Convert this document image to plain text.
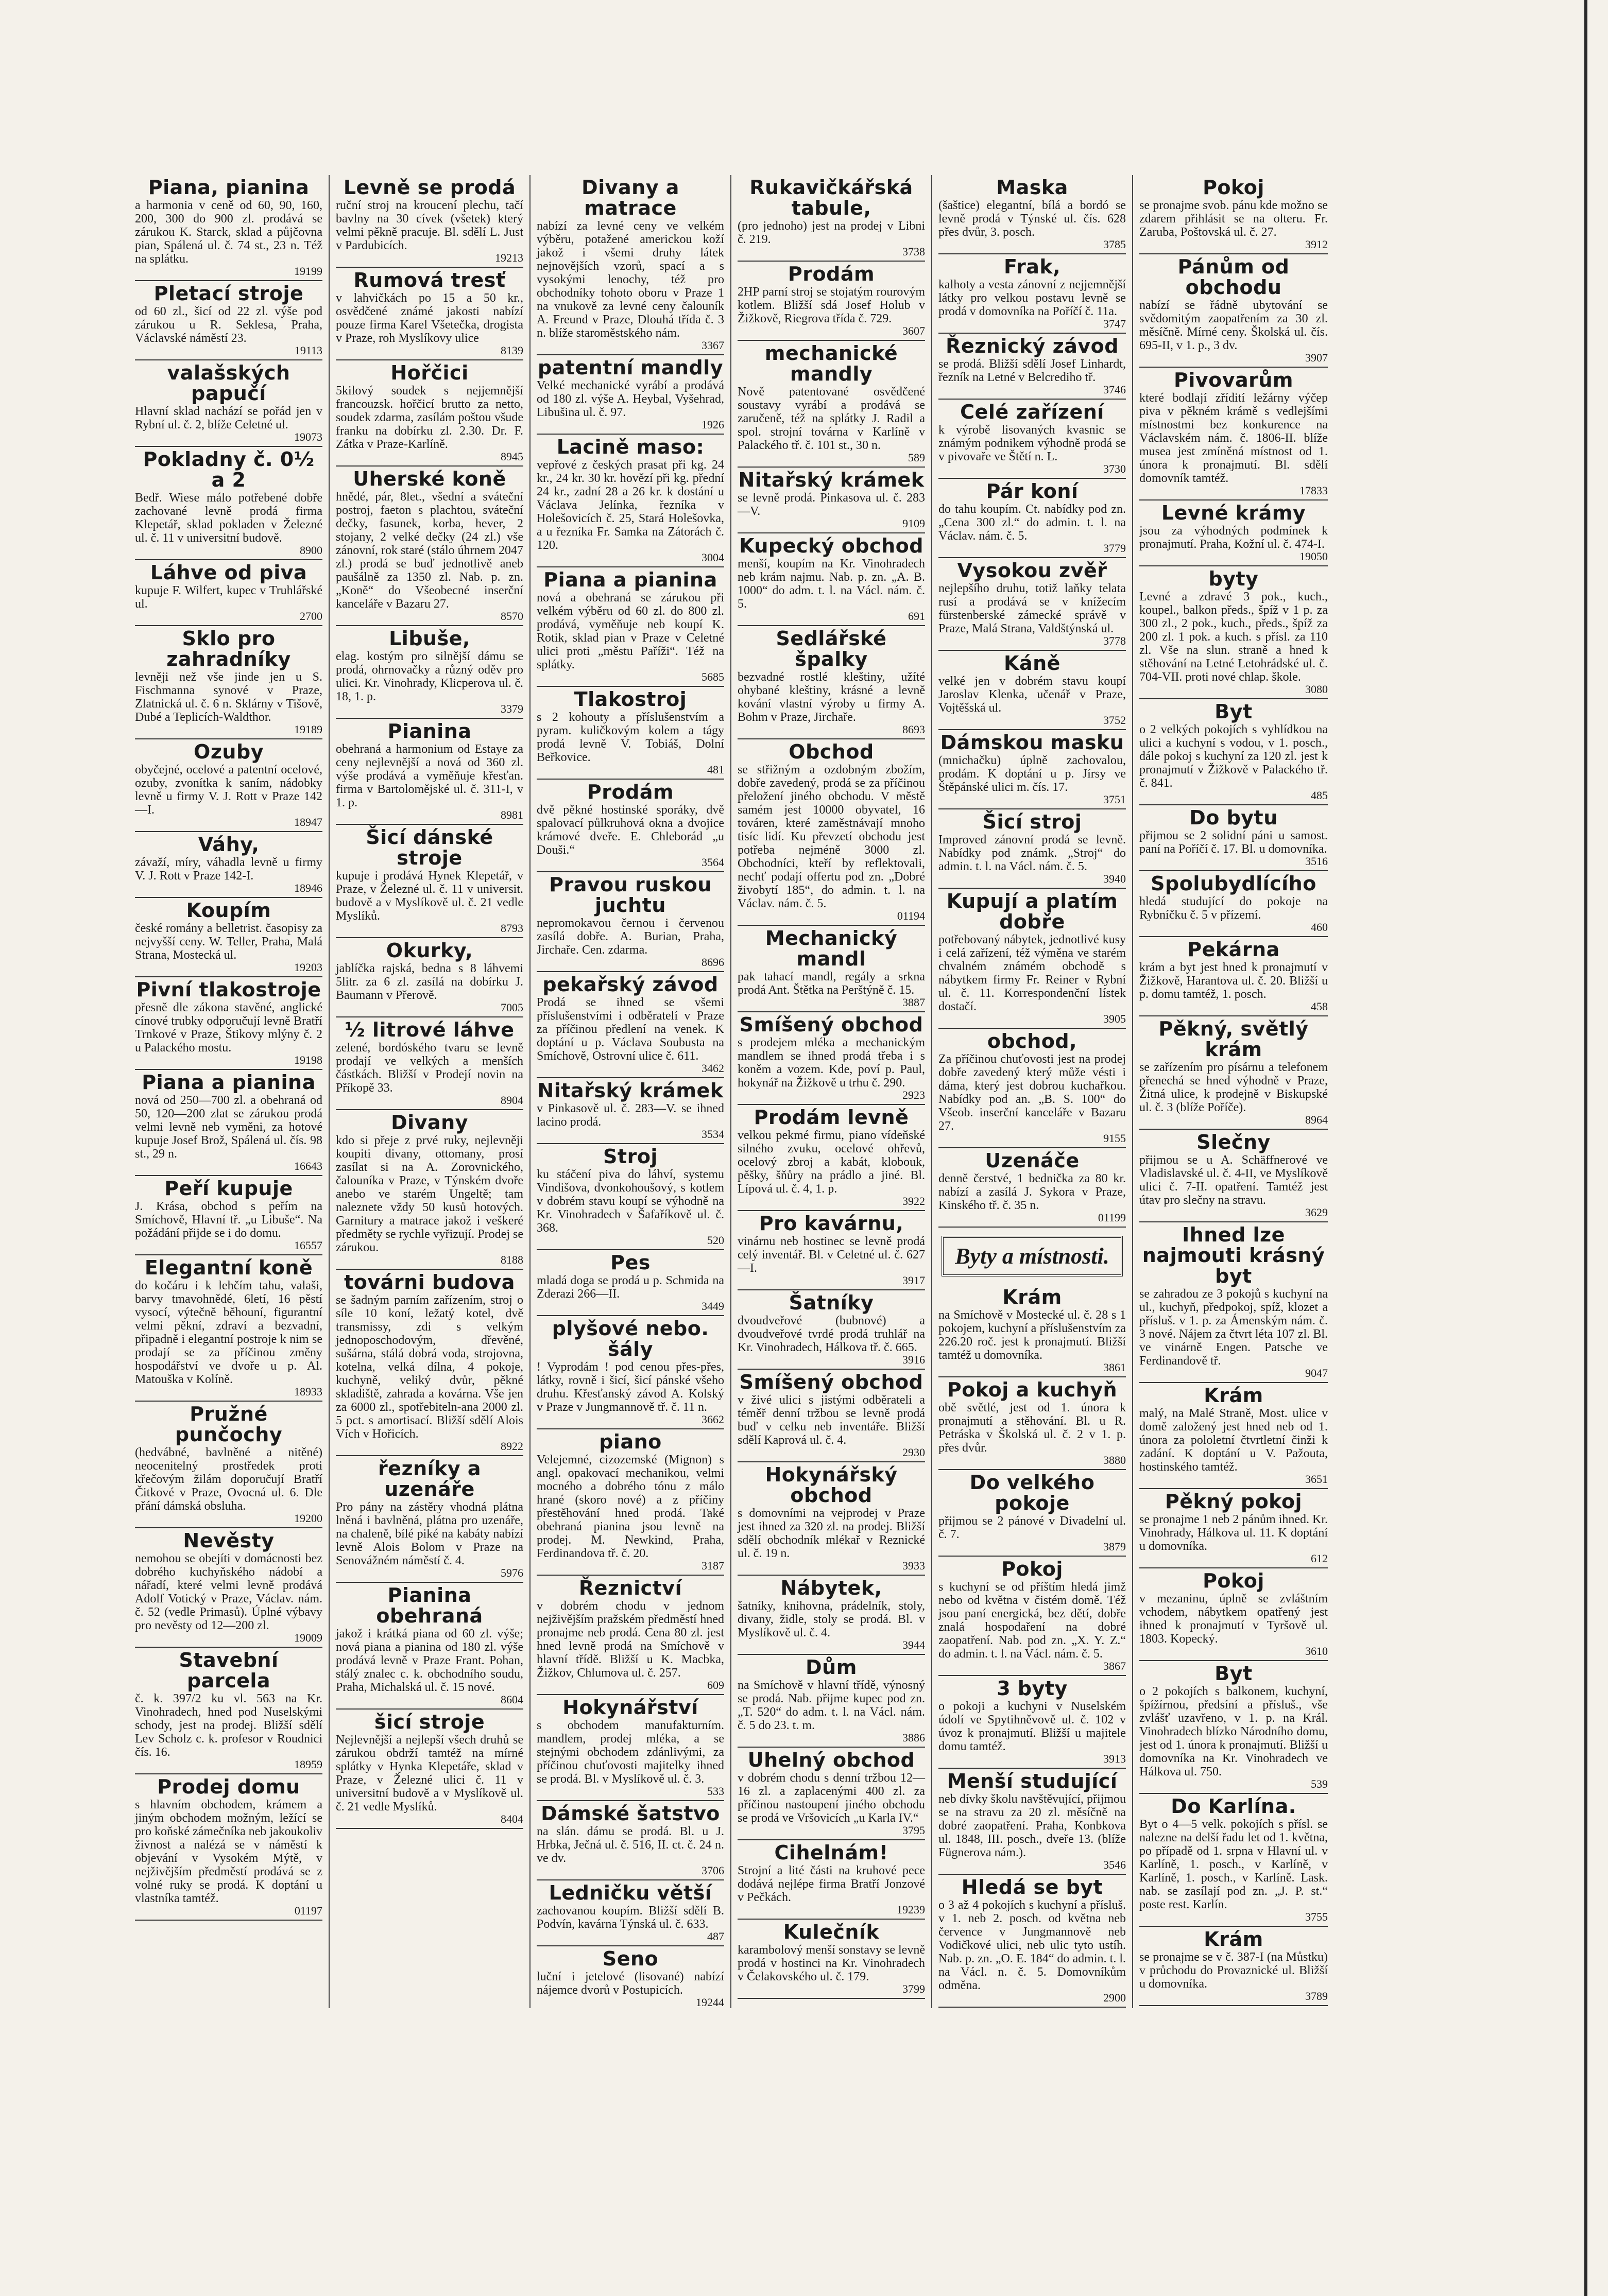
Piana, pianina

a harmonia v ceně od 60, 90, 160, 200, 300 do 900 zl. prodává se zárukou K. Starck, sklad a půjčovna pian, Spálená ul. č. 74 st., 23 n. Též na splátku.

19199
Pletací stroje

od 60 zl., šicí od 22 zl. výše pod zárukou u R. Seklesa, Praha, Václavské náměstí 23.

19113
valašských papučí

Hlavní sklad nachází se pořád jen v Rybní ul. č. 2, blíže Celetné ul.

19073
Pokladny č. 0½ a 2

Bedř. Wiese málo potřebené dobře zachované levně prodá firma Klepetář, sklad pokladen v Železné ul. č. 11 v universitní budově.

8900
Láhve od piva

kupuje F. Wilfert, kupec v Truhlářské ul.

2700
Sklo pro zahradníky

levněji než vše jinde jen u S. Fischmanna synové v Praze, Zlatnická ul. č. 6 n. Sklárny v Tišově, Dubé a Teplicích-Waldthor.

19189
Ozuby

obyčejné, ocelové a patentní ocelové, ozuby, zvonítka k saním, nádobky levně u firmy V. J. Rott v Praze 142—I.

18947
Váhy,

závaží, míry, váhadla levně u firmy V. J. Rott v Praze 142-I.

18946
Koupím

české romány a belletrist. časopisy za nejvyšší ceny. W. Teller, Praha, Malá Strana, Mostecká ul.

19203
Pivní tlakostroje

přesně dle zákona stavěné, anglické cínové trubky odporučují levně Bratří Trnkové v Praze, Štikovy mlýny č. 2 u Palackého mostu.

19198
Piana a pianina

nová od 250—700 zl. a obehraná od 50, 120—200 zlat se zárukou prodá velmi levně neb vyměni, za hotové kupuje Josef Brož, Spálená ul. čís. 98 st., 29 n.

16643
Peří kupuje

J. Krása, obchod s peřím na Smíchově, Hlavní tř. „u Libuše“. Na požádání přijde se i do domu.

16557
Elegantní koně

do kočáru i k lehčím tahu, valaši, barvy tmavohnědé, 6letí, 16 pěstí vysocí, výtečně běhouní, figurantní velmi pěkní, zdraví a bezvadní, připadně i elegantní postroje k nim se prodají se za příčinou změny hospodářství ve dvoře u p. Al. Matouška v Kolíně.

18933
Pružné punčochy

(hedvábné, bavlněné a nitěné) neocenitelný prostředek proti křečovým žilám doporučují Bratří Čitkové v Praze, Ovocná ul. 6. Dle přání dámská obsluha.

19200
Nevěsty

nemohou se obejíti v domácnosti bez dobrého kuchyňského nádobí a nářadí, které velmi levně prodává Adolf Votický v Praze, Václav. nám. č. 52 (vedle Primasů). Úplné výbavy pro nevěsty od 12—200 zl.

19009
Stavební parcela

č. k. 397/2 ku vl. 563 na Kr. Vinohradech, hned pod Nuselskými schody, jest na prodej. Bližší sdělí Lev Scholz c. k. profesor v Roudnici čís. 16.

18959
Prodej domu

s hlavním obchodem, krámem a jiným obchodem možným, ležící se pro koňské zámečníka neb jakoukoliv živnost a nalézá se v náměstí k objevání v Vysokém Mýtě, v nejživějším předměstí prodává se z volné ruky se prodá. K doptání u vlastníka tamtéž.

01197
Levně se prodá

ruční stroj na kroucení plechu, tačí bavlny na 30 cívek (všetek) který velmi pěkně pracuje. Bl. sdělí L. Just v Pardubicích.

19213
Rumová tresť

v lahvičkách po 15 a 50 kr., osvědčené známé jakosti nabízí pouze firma Karel Všetečka, drogista v Praze, roh Myslíkovy ulice

8139
Hořčici

5kilový soudek s nejjemnější francouzsk. hořčicí brutto za netto, soudek zdarma, zasílám poštou všude franku na dobírku zl. 2.30. Dr. F. Zátka v Praze-Karlíně.

8945
Uherské koně

hnědé, pár, 8let., všední a sváteční postroj, faeton s plachtou, sváteční dečky, fasunek, korba, hever, 2 stojany, 2 velké dečky (24 zl.) vše zánovní, rok staré (stálo úhrnem 2047 zl.) prodá se buď jednotlivě aneb paušálně za 1350 zl. Nab. p. zn. „Koně“ do Všeobecné inserční kanceláře v Bazaru 27.

8570
Libuše,

elag. kostým pro silnější dámu se prodá, ohrnovačky a různý oděv pro ulici. Kr. Vinohrady, Klicperova ul. č. 18, 1. p.

3379
Pianina

obehraná a harmonium od Estaye za ceny nejlevnější a nová od 360 zl. výše prodává a vyměňuje křesťan. firma v Bartolomějské ul. č. 311-I, v 1. p.

8981
Šicí dánské stroje

kupuje i prodává Hynek Klepetář, v Praze, v Železné ul. č. 11 v universit. budově a v Myslíkově ul. č. 21 vedle Myslíků.

8793
Okurky,

jablíčka rajská, bedna s 8 láhvemi 5litr. za 6 zl. zasílá na dobírku J. Baumann v Přerově.

7005
½ litrové láhve

zelené, bordóského tvaru se levně prodají ve velkých a menších částkách. Bližší v Prodejí novin na Příkopě 33.

8904
Divany

kdo si přeje z prvé ruky, nejlevněji koupiti divany, ottomany, prosí zasílat si na A. Zorovnického, čalouníka v Praze, v Týnském dvoře anebo ve starém Ungeltě; tam naleznete vždy 50 kusů hotových. Garnitury a matrace jakož i veškeré předměty se rychle vyřizují. Prodej se zárukou.

8188
továrni budova

se šadným parním zařízením, stroj o síle 10 koní, ležatý kotel, dvě transmissy, zdi s velkým jednoposchodovým, dřevěné, sušárna, stálá dobrá voda, strojovna, kotelna, velká dílna, 4 pokoje, kuchyně, veliký dvůr, pěkné skladiště, zahrada a kovárna. Vše jen za 6000 zl., spotřebiteln-ana 2000 zl. 5 pct. s amortisací. Bližší sdělí Alois Vích v Hořicích.

8922
řezníky a uzenáře

Pro pány na zástěry vhodná plátna lněná i bavlněná, plátna pro uzenáře, na chaleně, bílé piké na kabáty nabízí levně Alois Bolom v Praze na Senovážném náměstí č. 4.

5976
Pianina obehraná

jakož i krátká piana od 60 zl. výše; nová piana a pianina od 180 zl. výše prodává levně v Praze Frant. Pohan, stálý znalec c. k. obchodního soudu, Praha, Michalská ul. č. 15 nové.

8604
šicí stroje

Nejlevnější a nejlepší všech druhů se zárukou obdrží tamtéž na mírné splátky v Hynka Klepetáře, sklad v Praze, v Železné ulici č. 11 v universitní budově a v Myslíkově ul. č. 21 vedle Myslíků.

8404
Divany a matrace

nabízí za levné ceny ve velkém výběru, potažené americkou koží jakož i všemi druhy látek nejnovějších vzorů, spací a s vysokými lenochy, též pro obchodníky tohoto oboru v Praze 1 na vnukově za levné ceny čalouník A. Freund v Praze, Dlouhá třída č. 3 n. blíže staroměstského nám.

3367
patentní mandly

Velké mechanické vyrábí a prodává od 180 zl. výše A. Heybal, Vyšehrad, Libušina ul. č. 97.

1926
Lacině maso:

vepřové z českých prasat při kg. 24 kr., 24 kr. 30 kr. hovězí při kg. přední 24 kr., zadní 28 a 26 kr. k dostání u Václava Jelínka, řezníka v Holešovicích č. 25, Stará Holešovka, a u řezníka Fr. Samka na Zátorách č. 120.

3004
Piana a pianina

nová a obehraná se zárukou při velkém výběru od 60 zl. do 800 zl. prodává, vyměňuje neb koupí K. Rotik, sklad pian v Praze v Celetné ulici proti „městu Paříži“. Též na splátky.

5685
Tlakostroj

s 2 kohouty a příslušenstvím a pyram. kuličkovým kolem a tágy prodá levně V. Tobiáš, Dolní Beřkovice.

481
Prodám

dvě pěkné hostinské sporáky, dvě spalovací půlkruhová okna a dvojice krámové dveře. E. Chleborád „u Douši.“

3564
Pravou ruskou juchtu

nepromokavou černou i červenou zasílá dobře. A. Burian, Praha, Jirchaře. Cen. zdarma.

8696
pekařský závod

Prodá se ihned se všemi příslušenstvími i odběratelí v Praze za příčinou předlení na venek. K doptání u p. Václava Soubusta na Smíchově, Ostrovní ulice č. 611.

3462
Nitařský krámek

v Pinkasově ul. č. 283—V. se ihned lacino prodá.

3534
Stroj

ku stáčení piva do láhví, systemu Vindišova, dvonkohoušový, s kotlem v dobrém stavu koupí se výhodně na Kr. Vinohradech v Šafaříkově ul. č. 368.

520
Pes

mladá doga se prodá u p. Schmida na Zderazi 266—II.

3449
plyšové nebo. šály

! Vyprodám ! pod cenou přes-přes, látky, rovně i šicí, šicí pánské všeho druhu. Křesťanský závod A. Kolský v Praze v Jungmannově tř. č. 11 n.

3662
piano

Velejemné, cizozemské (Mignon) s angl. opakovací mechanikou, velmi mocného a dobrého tónu z málo hrané (skoro nové) a z příčiny přestěhování hned prodá. Také obehraná pianina jsou levně na prodej. M. Newkind, Praha, Ferdinandova tř. č. 20.

3187
Řeznictví

v dobrém chodu v jednom nejživějším pražském předměstí hned pronajme neb prodá. Cena 80 zl. jest hned levně prodá na Smíchově v hlavní třídě. Bližší u K. Macbka, Žižkov, Chlumova ul. č. 257.

609
Hokynářství

s obchodem manufakturním. mandlem, prodej mléka, a se stejnými obchodem zdánlivými, za příčinou chuťovosti majitelky ihned se prodá. Bl. v Myslíkově ul. č. 3.

533
Dámské šatstvo

na slán. dámu se prodá. Bl. u J. Hrbka, Ječná ul. č. 516, II. ct. č. 24 n. ve dv.

3706
Ledničku větší

zachovanou koupím. Bližší sdělí B. Podvín, kavárna Týnská ul. č. 633.

487
Seno

luční i jetelové (lisované) nabízí nájemce dvorů v Postupicích.

19244
Rukavičkářská tabule,

(pro jednoho) jest na prodej v Libni č. 219.

3738
Prodám

2HP parní stroj se stojatým rourovým kotlem. Bližší sdá Josef Holub v Žižkově, Riegrova třída č. 729.

3607
mechanické mandly

Nově patentované osvědčené soustavy vyrábí a prodává se zaručeně, též na splátky J. Radil a spol. strojní továrna v Karlíně v Palackého tř. č. 101 st., 30 n.

589
Nitařský krámek

se levně prodá. Pinkasova ul. č. 283—V.

9109
Kupecký obchod

menší, koupím na Kr. Vinohradech neb krám najmu. Nab. p. zn. „A. B. 1000“ do adm. t. l. na Václ. nám. č. 5.

691
Sedlářské špalky

bezvadné rostlé kleštiny, užíté ohybané kleštiny, krásné a levně kování vlastní výroby u firmy A. Bohm v Praze, Jirchaře.

8693
Obchod

se střižným a ozdobným zbožím, dobře zavedený, prodá se za příčinou přeložení jiného obchodu. V městě samém jest 10000 obyvatel, 16 továren, které zaměstnávají mnoho tisíc lidí. Ku převzetí obchodu jest potřeba nejméně 3000 zl. Obchodníci, kteří by reflektovali, nechť podají offertu pod zn. „Dobré živobytí 185“, do admin. t. l. na Václav. nám. č. 5.

01194
Mechanický mandl

pak tahací mandl, regály a srkna prodá Ant. Štětka na Perštýně č. 15.

3887
Smíšený obchod

s prodejem mléka a mechanickým mandlem se ihned prodá třeba i s koněm a vozem. Kde, poví p. Paul, hokynář na Žižkově u trhu č. 290.

2923
Prodám levně

velkou pekmé firmu, piano vídeňské silného zvuku, ocelové ohřevů, ocelový zbroj a kabát, klobouk, pěšky, šňůry na prádlo a jiné. Bl. Lípová ul. č. 4, 1. p.

3922
Pro kavárnu,

vinárnu neb hostinec se levně prodá celý inventář. Bl. v Celetné ul. č. 627—I.

3917
Šatníky

dvoudveřové (bubnové) a dvoudveřové tvrdé prodá truhlář na Kr. Vinohradech, Hálkova tř. č. 665.

3916
Smíšený obchod

v živé ulici s jistými odběrateli a téměř denní tržbou se levně prodá buď v celku neb inventáře. Bližší sdělí Kaprová ul. č. 4.

2930
Hokynářský obchod

s domovními na vejprodej v Praze jest ihned za 320 zl. na prodej. Bližší sdělí obchodník mlékař v Reznické ul. č. 19 n.

3933
Nábytek,

šatníky, knihovna, prádelník, stoly, divany, židle, stoly se prodá. Bl. v Myslíkově ul. č. 4.

3944
Dům

na Smíchově v hlavní třídě, výnosný se prodá. Nab. přijme kupec pod zn. „T. 520“ do adm. t. l. na Václ. nám. č. 5 do 23. t. m.

3886
Uhelný obchod

v dobrém chodu s denní tržbou 12—16 zl. a zaplacenými 400 zl. za příčinou nastoupení jiného obchodu se prodá ve Vršovicích „u Karla IV.“

3795
Cihelnám!

Strojní a lité části na kruhové pece dodává nejlépe firma Bratří Jonzové v Pečkách.

19239
Kulečník

karambolový menší sonstavy se levně prodá v hostinci na Kr. Vinohradech v Čelakovského ul. č. 179.

3799
Maska

(šaštice) elegantní, bílá a bordó se levně prodá v Týnské ul. čís. 628 přes dvůr, 3. posch.

3785
Frak,

kalhoty a vesta zánovní z nejjemnější látky pro velkou postavu levně se prodá v domovníka na Poříčí č. 11a.

3747
Řeznický závod

se prodá. Bližší sdělí Josef Linhardt, řezník na Letné v Belcrediho tř.

3746
Celé zařízení

k výrobě lisovaných kvasnic se známým podnikem výhodně prodá se v pivovaře ve Štětí n. L.

3730
Pár koní

do tahu koupím. Ct. nabídky pod zn. „Cena 300 zl.“ do admin. t. l. na Václav. nám. č. 5.

3779
Vysokou zvěř

nejlepšího druhu, totiž laňky telata rusí a prodává se v knížecím fürstenberské zámecké správě v Praze, Malá Strana, Valdštýnská ul.

3778
Káně

velké jen v dobrém stavu koupí Jaroslav Klenka, učenář v Praze, Vojtěšská ul.

3752
Dámskou masku

(mnichačku) úplně zachovalou, prodám. K doptání u p. Jírsy ve Štěpánské ulici m. čís. 17.

3751
Šicí stroj

Improved zánovní prodá se levně. Nabídky pod známk. „Stroj“ do admin. t. l. na Václ. nám. č. 5.

3940
Kupují a platím dobře

potřebovaný nábytek, jednotlivé kusy i celá zařízení, též výměna ve starém chvalném známém obchodě s nábytkem firmy Fr. Reiner v Rybní ul. č. 11. Korrespondenční lístek dostačí.

3905
obchod,

Za příčinou chuťovosti jest na prodej dobře zavedený který může vésti i dáma, který jest dobrou kuchařkou. Nabídky pod an. „B. S. 100“ do Všeob. inserční kanceláře v Bazaru 27.

9155
Uzenáče

denně čerstvé, 1 bednička za 80 kr. nabízí a zasílá J. Sykora v Praze, Kinského tř. č. 35 n.

01199
Byty a místnosti.
Krám

na Smíchově v Mostecké ul. č. 28 s 1 pokojem, kuchyní a příslušenstvím za 226.20 roč. jest k pronajmutí. Bližší tamtéž u domovníka.

3861
Pokoj a kuchyň

obě světlé, jest od 1. února k pronajmutí a stěhování. Bl. u R. Petráska v Školská ul. č. 2 v 1. p. přes dvůr.

3880
Do velkého pokoje

přijmou se 2 pánové v Divadelní ul. č. 7.

3879
Pokoj

s kuchyní se od příštím hledá jimž nebo od května v čistém domě. Též jsou paní energická, bez dětí, dobře znalá hospodaření na dobré zaopatření. Nab. pod zn. „X. Y. Z.“ do admin. t. l. na Václ. nám. č. 5.

3867
3 byty

o pokoji a kuchyni v Nuselském údolí ve Spytihněvově ul. č. 102 v úvoz k pronajmutí. Bližší u majitele domu tamtéž.

3913
Menší studující

neb dívky školu navštěvující, přijmou se na stravu za 20 zl. měsíčně na dobré zaopatření. Praha, Konbkova ul. 1848, III. posch., dveře 13. (blíže Fügnerova nám.).

3546
Hledá se byt

o 3 až 4 pokojích s kuchyní a přísluš. v 1. neb 2. posch. od května neb července v Jungmannově neb Vodičkové ulici, neb ulic tyto ustíh. Nab. p. zn. „O. E. 184“ do admin. t. l. na Václ. n. č. 5. Domovníkům odměna.

2900
Pokoj

se pronajme svob. pánu kde možno se zdarem přihlásit se na olteru. Fr. Zaruba, Poštovská ul. č. 27.

3912
Pánům od obchodu

nabízí se řádně ubytování se svědomitým zaopatřením za 30 zl. měsíčně. Mírné ceny. Školská ul. čís. 695-II, v 1. p., 3 dv.

3907
Pivovarům

které bodlají zřídití ležárny výčep piva v pěkném krámě s vedlejšími místnostmi bez konkurence na Václavském nám. č. 1806-II. blíže musea jest zmíněná místnost od 1. února k pronajmutí. Bl. sdělí domovník tamtéž.

17833
Levné krámy

jsou za výhodných podmínek k pronajmutí. Praha, Kožní ul. č. 474-I.

19050
byty

Levné a zdravé 3 pok., kuch., koupel., balkon předs., špíž v 1 p. za 300 zl., 2 pok., kuch., předs., špíž za 200 zl. 1 pok. a kuch. s přísl. za 110 zl. Vše na slun. straně a hned k stěhování na Letné Letohrádské ul. č. 704-VII. proti nové chlap. škole.

3080
Byt

o 2 velkých pokojích s vyhlídkou na ulici a kuchyní s vodou, v 1. posch., dále pokoj s kuchyní za 120 zl. jest k pronajmutí v Žižkově v Palackého tř. č. 841.

485
Do bytu

přijmou se 2 solidní páni u samost. paní na Poříčí č. 17. Bl. u domovníka.

3516
Spolubydlícího

hledá studující do pokoje na Rybníčku č. 5 v přízemí.

460
Pekárna

krám a byt jest hned k pronajmutí v Žižkově, Harantova ul. č. 20. Bližší u p. domu tamtéž, 1. posch.

458
Pěkný, světlý krám

se zařízením pro písárnu a telefonem přenechá se hned výhodně v Praze, Žitná ulice, k prodejně v Biskupské ul. č. 3 (blíže Poříče).

8964
Slečny

přijmou se u A. Schäffnerové ve Vladislavské ul. č. 4-II, ve Myslíkově ulici č. 7-II. opatření. Tamtéž jest útav pro slečny na stravu.

3629
Ihned lze najmouti krásný byt

se zahradou ze 3 pokojů s kuchyní na ul., kuchyň, předpokoj, spíž, klozet a přísluš. v 1. p. za Ámenským nám. č. 3 nové. Nájem za čtvrt léta 107 zl. Bl. ve vinárně Engen. Patsche ve Ferdinandově tř.

9047
Krám

malý, na Malé Straně, Most. ulice v domě založený jest hned neb od 1. února za pololetní čtvrtletní činži k zadání. K doptání u V. Pažouta, hostinského tamtéž.

3651
Pěkný pokoj

se pronajme 1 neb 2 pánům ihned. Kr. Vinohrady, Hálkova ul. 11. K doptání u domovníka.

612
Pokoj

v mezaninu, úplně se zvláštním vchodem, nábytkem opatřený jest ihned k pronajmutí v Tyršově ul. 1803. Kopecký.

3610
Byt

o 2 pokojích s balkonem, kuchyní, špížírnou, předsíní a přísluš., vše zvlášť uzavřeno, v 1. p. na Král. Vinohradech blízko Národního domu, jest od 1. února k pronajmutí. Bližší u domovníka na Kr. Vinohradech ve Hálkova ul. 750.

539
Do Karlína.

Byt o 4—5 velk. pokojích s přísl. se nalezne na delší řadu let od 1. května, po případě od 1. srpna v Hlavní ul. v Karlíně, 1. posch., v Karlíně, v Karlíně, 1. posch., v Karlíně. Lask. nab. se zasílají pod zn. „J. P. st.“ poste rest. Karlín.

3755
Krám

se pronajme se v č. 387-I (na Můstku) v průchodu do Provaznické ul. Bližší u domovníka.

3789
